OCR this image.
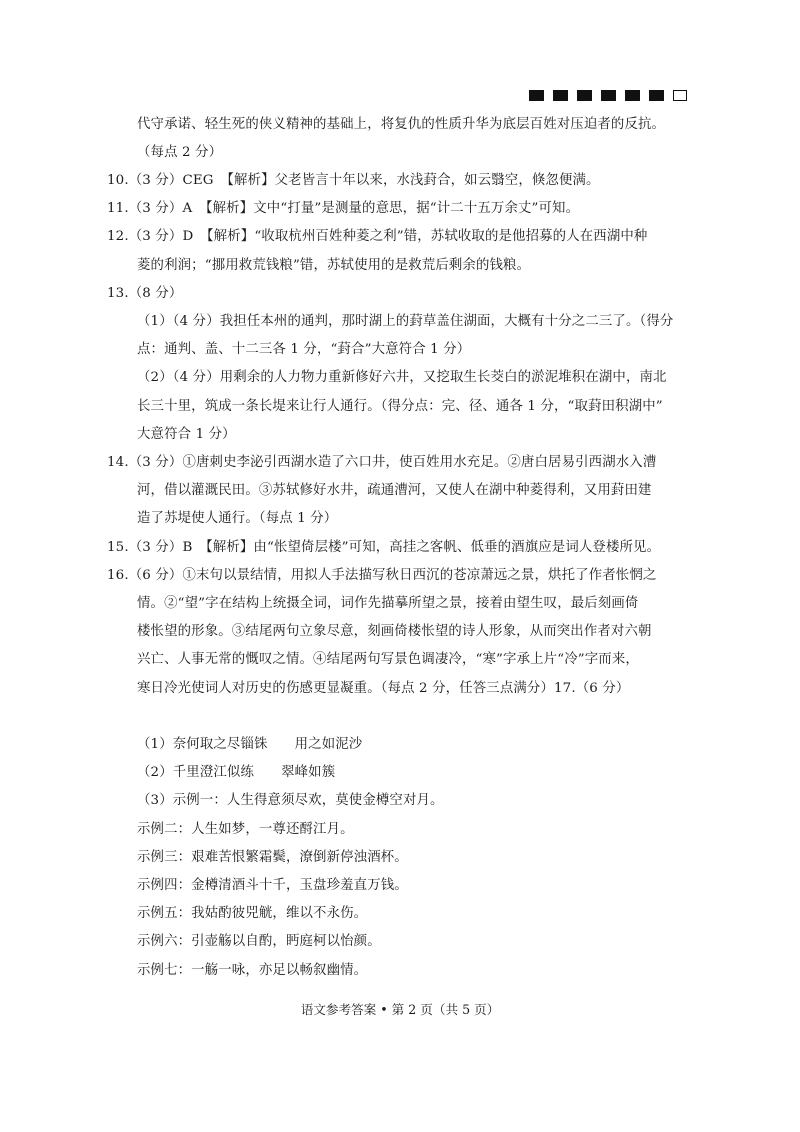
代守承诺、轻生死的侠义精神的基础上，将复仇的性质升华为底层百姓对压迫者的反抗。
（每点 2 分）
10.（3 分）CEG　【解析】父老皆言十年以来，水浅葑合，如云翳空，倏忽便满。
11.（3 分）A　【解析】文中“打量”是测量的意思，据“计二十五万余丈”可知。
12.（3 分）D　【解析】“收取杭州百姓种菱之利”错，苏轼收取的是他招募的人在西湖中种
菱的利润；“挪用救荒钱粮”错，苏轼使用的是救荒后剩余的钱粮。
13.（8 分）
（1）（4 分）我担任本州的通判，那时湖上的葑草盖住湖面，大概有十分之二三了。（得分
点：通判、盖、十二三各 1 分，“葑合”大意符合 1 分）
（2）（4 分）用剩余的人力物力重新修好六井，又挖取生长茭白的淤泥堆积在湖中，南北
长三十里，筑成一条长堤来让行人通行。（得分点：完、径、通各 1 分，“取葑田积湖中”
大意符合 1 分）
14.（3 分）①唐刺史李泌引西湖水造了六口井，使百姓用水充足。②唐白居易引西湖水入漕
河，借以灌溉民田。③苏轼修好水井，疏通漕河，又使人在湖中种菱得利，又用葑田建
造了苏堤使人通行。（每点 1 分）
15.（3 分）B　【解析】由“怅望倚层楼”可知，高挂之客帆、低垂的酒旗应是词人登楼所见。
16.（6 分）①末句以景结情，用拟人手法描写秋日西沉的苍凉萧远之景，烘托了作者怅惘之
情。②“望”字在结构上统摄全词，词作先描摹所望之景，接着由望生叹，最后刻画倚
楼怅望的形象。③结尾两句立象尽意，刻画倚楼怅望的诗人形象，从而突出作者对六朝
兴亡、人事无常的慨叹之情。④结尾两句写景色调凄冷，“寒”字承上片“冷”字而来，
寒日冷光使词人对历史的伤感更显凝重。（每点 2 分，任答三点满分）17.（6 分）
（1）奈何取之尽锱铢　　用之如泥沙
（2）千里澄江似练　　翠峰如簇
（3）示例一：人生得意须尽欢，莫使金樽空对月。
示例二：人生如梦，一尊还酹江月。
示例三：艰难苦恨繁霜鬓，潦倒新停浊酒杯。
示例四：金樽清酒斗十千，玉盘珍羞直万钱。
示例五：我姑酌彼兕觥，维以不永伤。
示例六：引壶觞以自酌，眄庭柯以怡颜。
示例七：一觞一咏，亦足以畅叙幽情。
语文参考答案 • 第 2 页（共 5 页）
